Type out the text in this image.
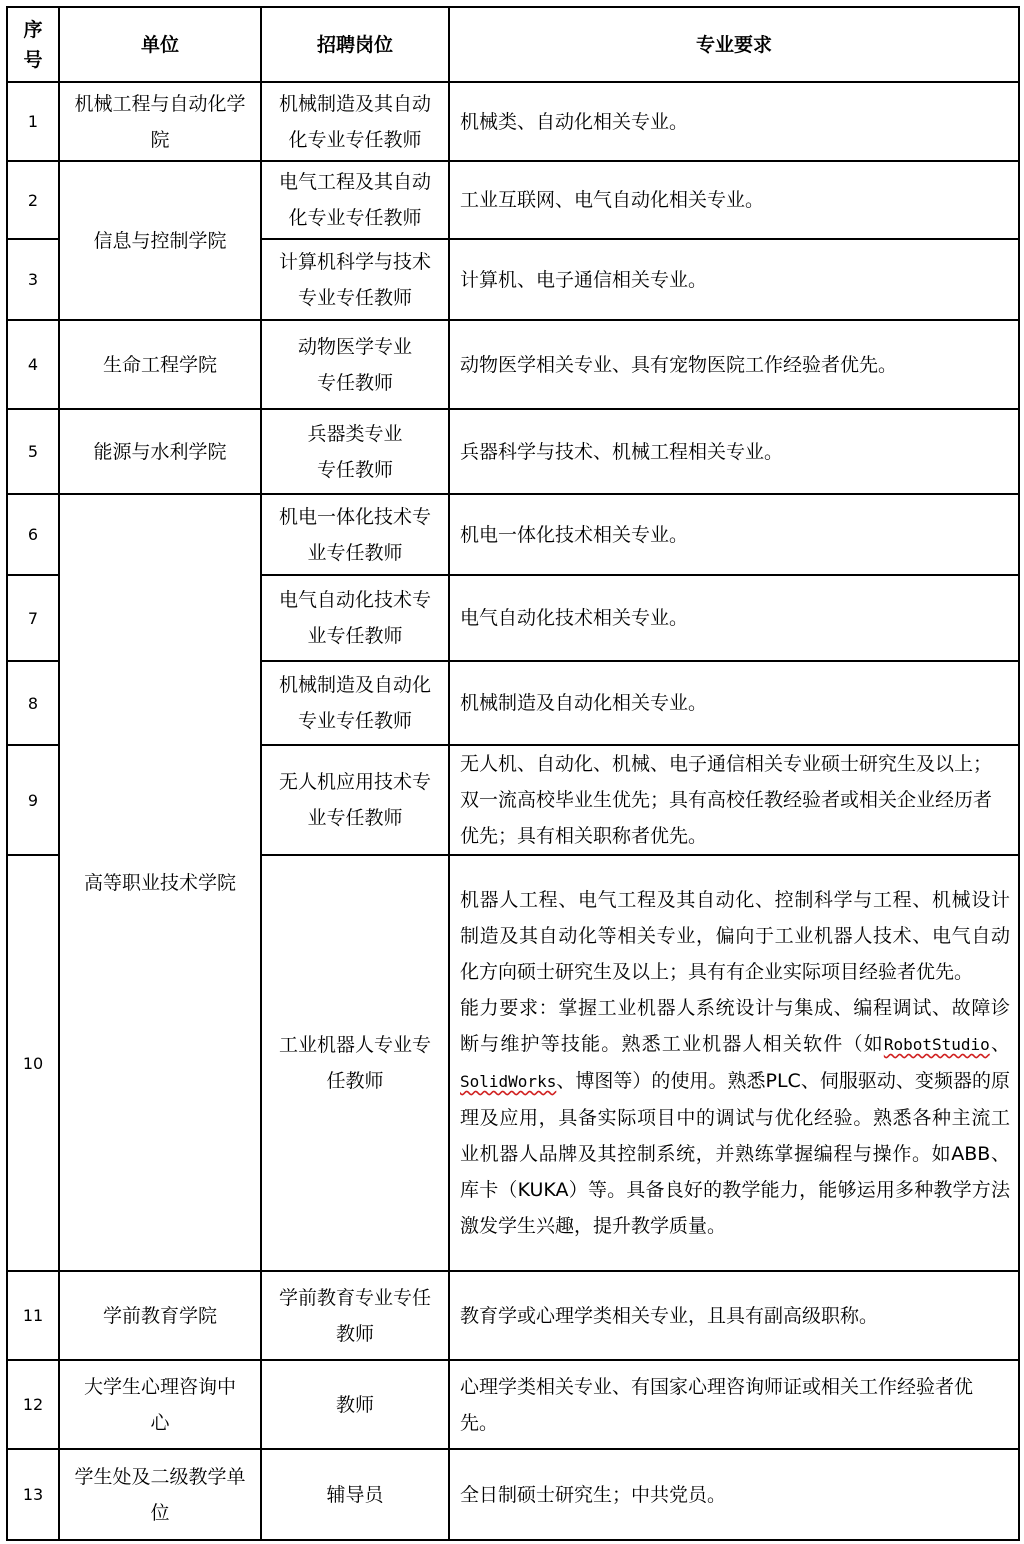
序号	单位	招聘岗位	专业要求
1	机械工程与自动化学院	机械制造及其自动化专业专任教师	机械类、自动化相关专业。
2	信息与控制学院	电气工程及其自动化专业专任教师	工业互联网、电气自动化相关专业。
3		计算机科学与技术专业专任教师	计算机、电子通信相关专业。
4	生命工程学院	动物医学专业专任教师	动物医学相关专业、具有宠物医院工作经验者优先。
5	能源与水利学院	兵器类专业专任教师	兵器科学与技术、机械工程相关专业。
6	高等职业技术学院	机电一体化技术专业专任教师	机电一体化技术相关专业。
7		电气自动化技术专业专任教师	电气自动化技术相关专业。
8		机械制造及自动化专业专任教师	机械制造及自动化相关专业。
9		无人机应用技术专业专任教师	无人机、自动化、机械、电子通信相关专业硕士研究生及以上；双一流高校毕业生优先；具有高校任教经验者或相关企业经历者优先；具有相关职称者优先。
10		工业机器人专业专任教师	机器人工程、电气工程及其自动化、控制科学与工程、机械设计制造及其自动化等相关专业，偏向于工业机器人技术、电气自动化方向硕士研究生及以上；具有有企业实际项目经验者优先。
能力要求：掌握工业机器人系统设计与集成、编程调试、故障诊断与维护等技能。熟悉工业机器人相关软件（如RobotStudio、SolidWorks、博图等）的使用。熟悉PLC、伺服驱动、变频器的原理及应用，具备实际项目中的调试与优化经验。熟悉各种主流工业机器人品牌及其控制系统，并熟练掌握编程与操作。如ABB、库卡（KUKA）等。具备良好的教学能力，能够运用多种教学方法激发学生兴趣，提升教学质量。

11	学前教育学院	学前教育专业专任教师	教育学或心理学类相关专业，且具有副高级职称。
12	大学生心理咨询中心	教师	心理学类相关专业、有国家心理咨询师证或相关工作经验者优先。
13	学生处及二级教学单位	辅导员	全日制硕士研究生；中共党员。
